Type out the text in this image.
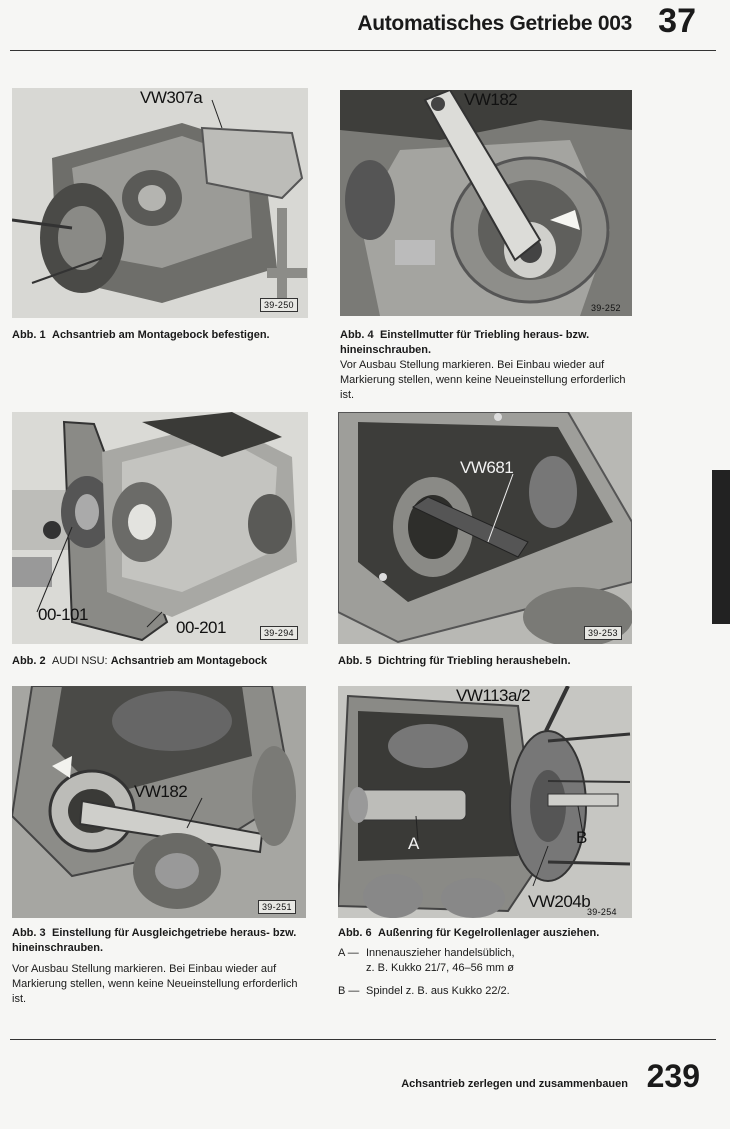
Automatisches Getriebe 003 37
VW307a
39-250
Abb. 1 Achsantrieb am Montagebock befestigen.
VW182
39-252
Abb. 4 Einstellmutter für Triebling heraus- bzw. hineinschrauben.

Vor Ausbau Stellung markieren. Bei Einbau wieder auf Markierung stellen, wenn keine Neueinstellung erforderlich ist.

00-101
00-201	39-294
Abb. 2 AUDI NSU: Achsantrieb am Montagebock
VW681
39-253
Abb. 5 Dichtring für Triebling heraushebeln.
VW182
39-251
Abb. 3 Einstellung für Ausgleichgetriebe heraus- bzw. hineinschrauben.

Vor Ausbau Stellung markieren. Bei Einbau wieder auf Markierung stellen, wenn keine Neueinstellung erforderlich ist.

VW113a/2
VW204b
A	B
39-254
Abb. 6 Außenring für Kegelrollenlager ausziehen.
A — Innenauszieher handelsüblich,
z. B. Kukko 21/7, 46–56 mm ø
B — Spindel z. B. aus Kukko 22/2.
Achsantrieb zerlegen und zusammenbauen 239
